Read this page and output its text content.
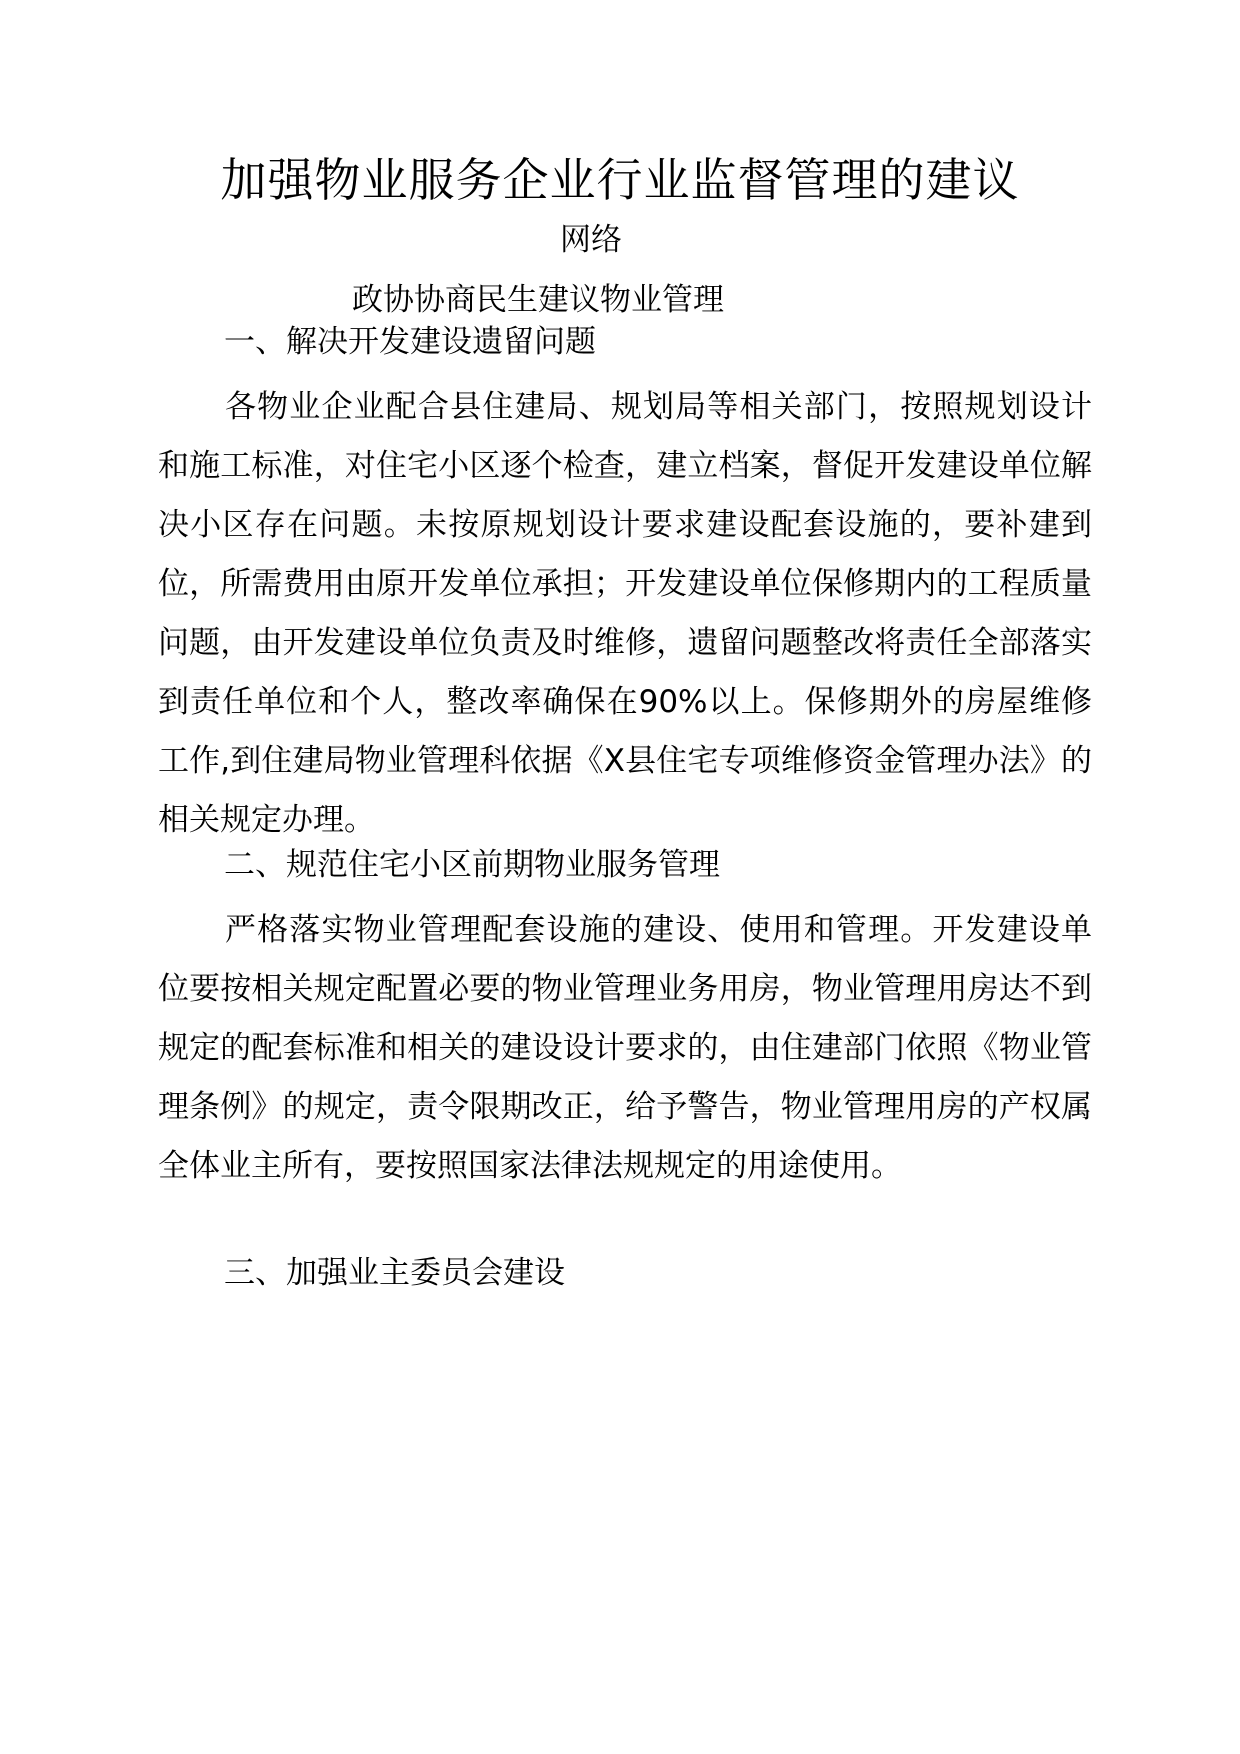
加强物业服务企业行业监督管理的建议
网络
政协协商民生建议物业管理
一、解决开发建设遗留问题
各物业企业配合县住建局、规划局等相关部门，按照规划设计和施工标准，对住宅小区逐个检查，建立档案，督促开发建设单位解决小区存在问题。未按原规划设计要求建设配套设施的，要补建到位，所需费用由原开发单位承担；开发建设单位保修期内的工程质量问题，由开发建设单位负责及时维修，遗留问题整改将责任全部落实到责任单位和个人，整改率确保在90%以上。保修期外的房屋维修工作,到住建局物业管理科依据《X县住宅专项维修资金管理办法》的相关规定办理。
二、规范住宅小区前期物业服务管理
严格落实物业管理配套设施的建设、使用和管理。开发建设单位要按相关规定配置必要的物业管理业务用房，物业管理用房达不到规定的配套标准和相关的建设设计要求的，由住建部门依照《物业管理条例》的规定，责令限期改正，给予警告，物业管理用房的产权属全体业主所有，要按照国家法律法规规定的用途使用。
三、加强业主委员会建设
